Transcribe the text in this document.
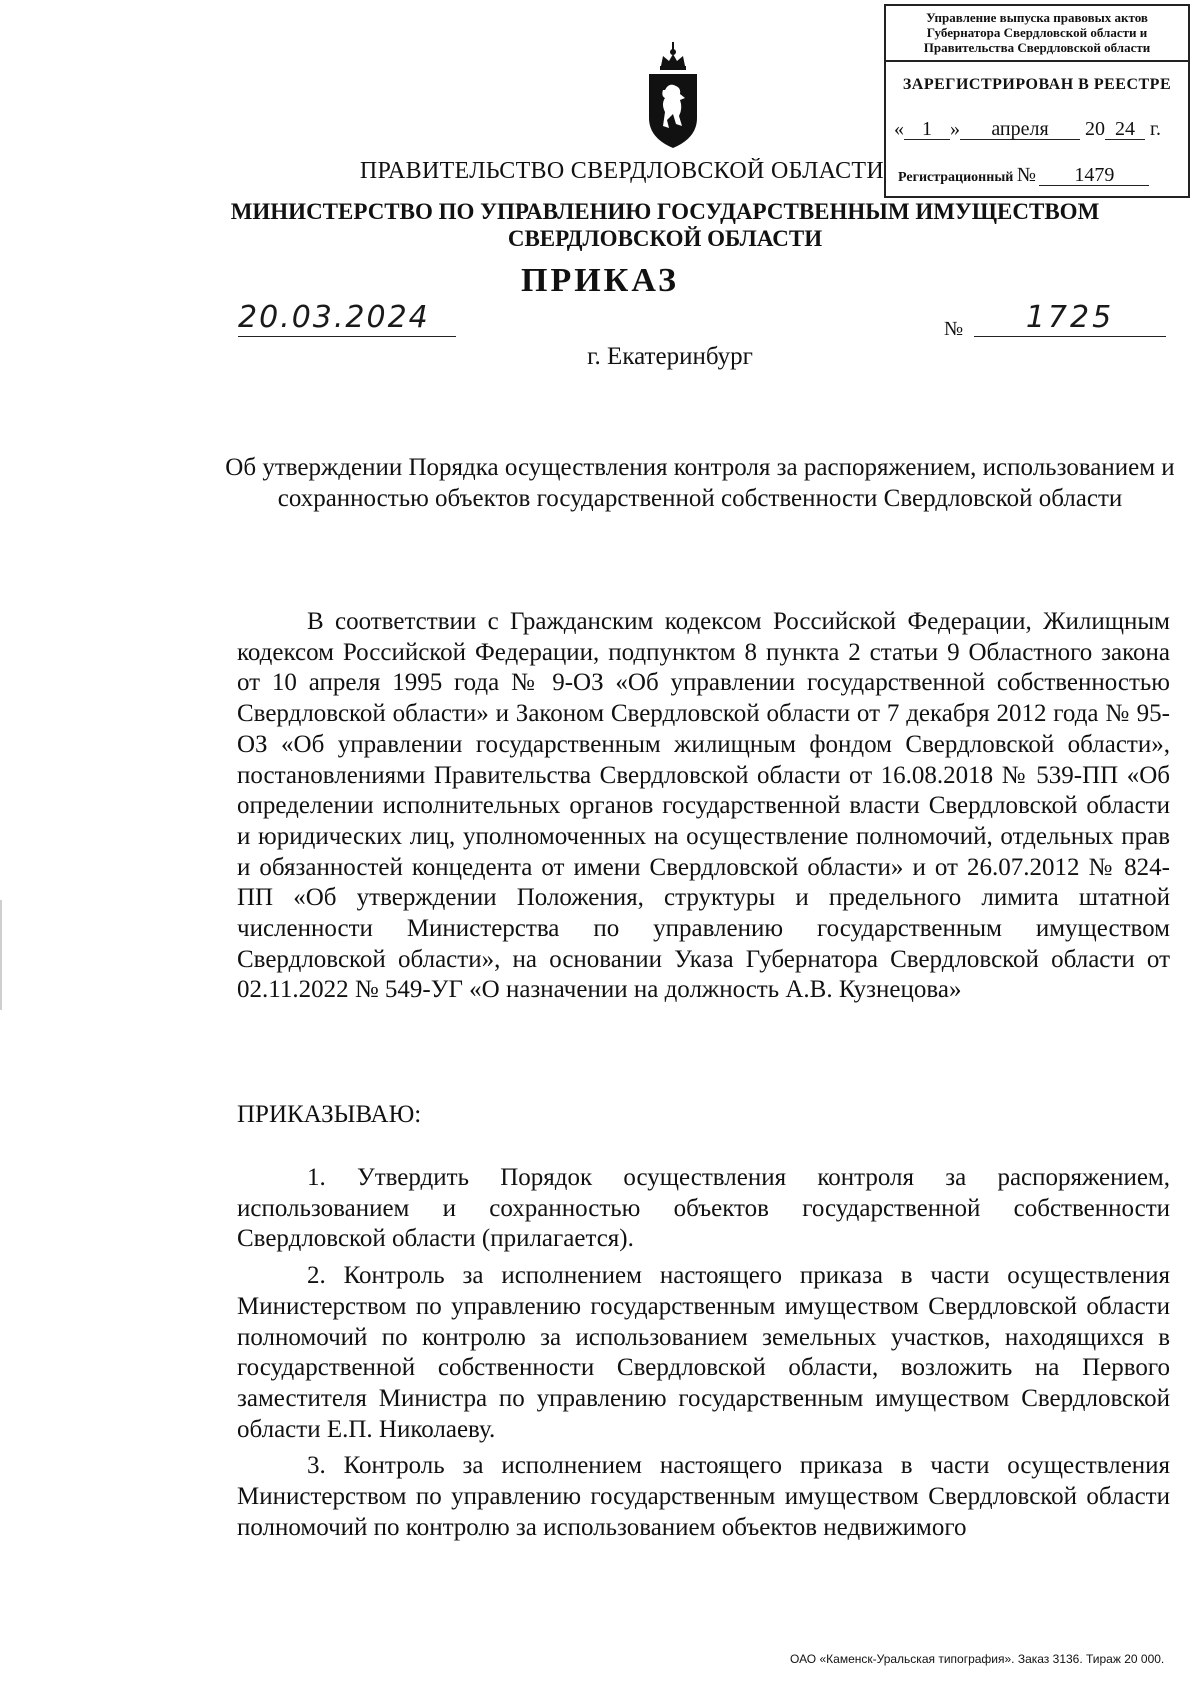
Управление выпуска правовых актов Губернатора Свердловской области и Правительства Свердловской области
ЗАРЕГИСТРИРОВАН В РЕЕСТРЕ
« 1 » апреля 20 24 г.
Регистрационный № 1479
ПРАВИТЕЛЬСТВО СВЕРДЛОВСКОЙ ОБЛАСТИ
МИНИСТЕРСТВО ПО УПРАВЛЕНИЮ ГОСУДАРСТВЕННЫМ ИМУЩЕСТВОМ
СВЕРДЛОВСКОЙ ОБЛАСТИ
ПРИКАЗ
20.03.2024	№	1725
г. Екатеринбург
Об утверждении Порядка осуществления контроля за распоряжением, использованием и сохранностью объектов государственной собственности Свердловской области
В соответствии с Гражданским кодексом Российской Федерации, Жилищным кодексом Российской Федерации, подпунктом 8 пункта 2 статьи 9 Областного закона от 10 апреля 1995 года № 9-ОЗ «Об управлении государственной собственностью Свердловской области» и Законом Свердловской области от 7 декабря 2012 года № 95-ОЗ «Об управлении государственным жилищным фондом Свердловской области», постановлениями Правительства Свердловской области от 16.08.2018 № 539-ПП «Об определении исполнительных органов государственной власти Свердловской области и юридических лиц, уполномоченных на осуществление полномочий, отдельных прав и обязанностей концедента от имени Свердловской области» и от 26.07.2012 № 824-ПП «Об утверждении Положения, структуры и предельного лимита штатной численности Министерства по управлению государственным имуществом Свердловской области», на основании Указа Губернатора Свердловской области от 02.11.2022 № 549-УГ «О назначении на должность А.В. Кузнецова»
ПРИКАЗЫВАЮ:

1. Утвердить Порядок осуществления контроля за распоряжением, использованием и сохранностью объектов государственной собственности Свердловской области (прилагается).

2. Контроль за исполнением настоящего приказа в части осуществления Министерством по управлению государственным имуществом Свердловской области полномочий по контролю за использованием земельных участков, находящихся в государственной собственности Свердловской области, возложить на Первого заместителя Министра по управлению государственным имуществом Свердловской области Е.П. Николаеву.

3. Контроль за исполнением настоящего приказа в части осуществления Министерством по управлению государственным имуществом Свердловской области полномочий по контролю за использованием объектов недвижимого

ОАО «Каменск-Уральская типография». Заказ 3136. Тираж 20 000.
